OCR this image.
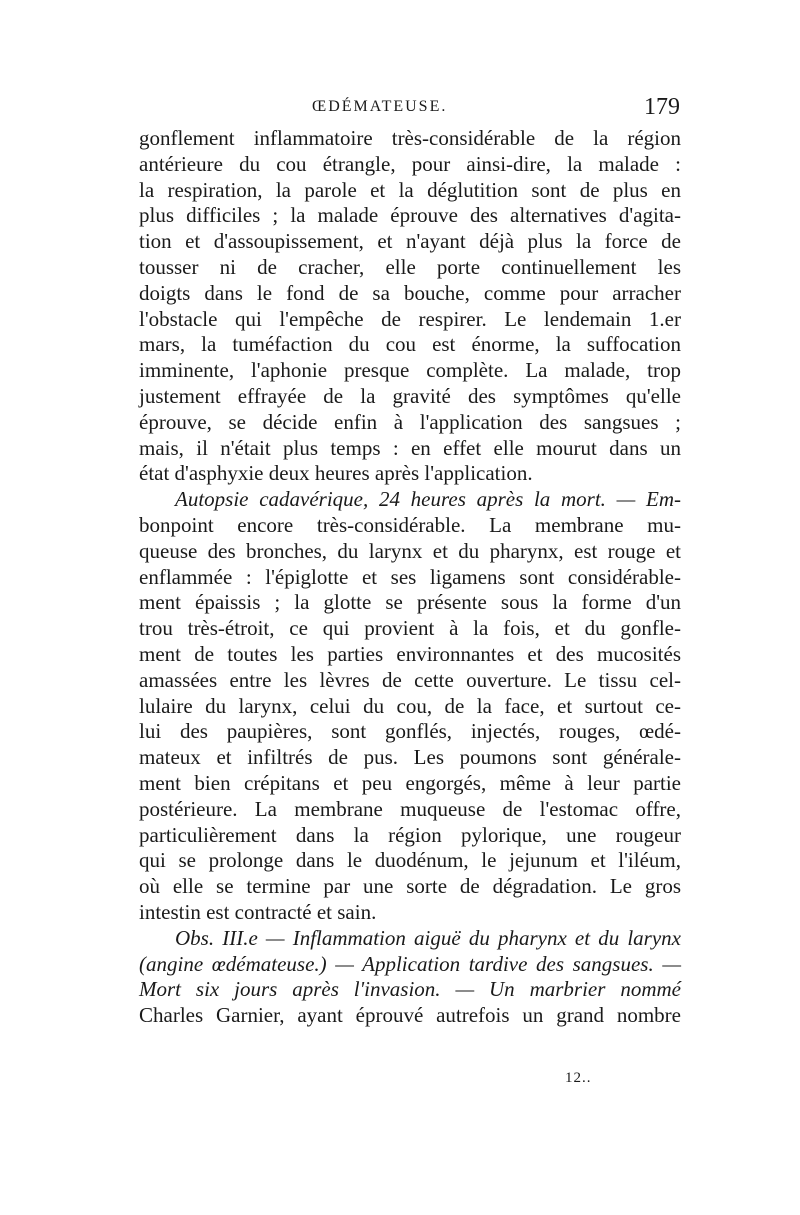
ŒDÉMATEUSE.	179
gonflement inflammatoire très-considérable de la région
antérieure du cou étrangle, pour ainsi-dire, la malade :
la respiration, la parole et la déglutition sont de plus en
plus difficiles ; la malade éprouve des alternatives d'agita-
tion et d'assoupissement, et n'ayant déjà plus la force de
tousser ni de cracher, elle porte continuellement les
doigts dans le fond de sa bouche, comme pour arracher
l'obstacle qui l'empêche de respirer. Le lendemain 1.er
mars, la tuméfaction du cou est énorme, la suffocation
imminente, l'aphonie presque complète. La malade, trop
justement effrayée de la gravité des symptômes qu'elle
éprouve, se décide enfin à l'application des sangsues ;
mais, il n'était plus temps : en effet elle mourut dans un
état d'asphyxie deux heures après l'application.
Autopsie cadavérique, 24 heures après la mort. — Em-
bonpoint encore très-considérable. La membrane mu-
queuse des bronches, du larynx et du pharynx, est rouge et
enflammée : l'épiglotte et ses ligamens sont considérable-
ment épaissis ; la glotte se présente sous la forme d'un
trou très-étroit, ce qui provient à la fois, et du gonfle-
ment de toutes les parties environnantes et des mucosités
amassées entre les lèvres de cette ouverture. Le tissu cel-
lulaire du larynx, celui du cou, de la face, et surtout ce-
lui des paupières, sont gonflés, injectés, rouges, œdé-
mateux et infiltrés de pus. Les poumons sont générale-
ment bien crépitans et peu engorgés, même à leur partie
postérieure. La membrane muqueuse de l'estomac offre,
particulièrement dans la région pylorique, une rougeur
qui se prolonge dans le duodénum, le jejunum et l'iléum,
où elle se termine par une sorte de dégradation. Le gros
intestin est contracté et sain.
Obs. III.e — Inflammation aiguë du pharynx et du larynx
(angine œdémateuse.) — Application tardive des sangsues. —
Mort six jours après l'invasion. — Un marbrier nommé
Charles Garnier, ayant éprouvé autrefois un grand nombre
12..
